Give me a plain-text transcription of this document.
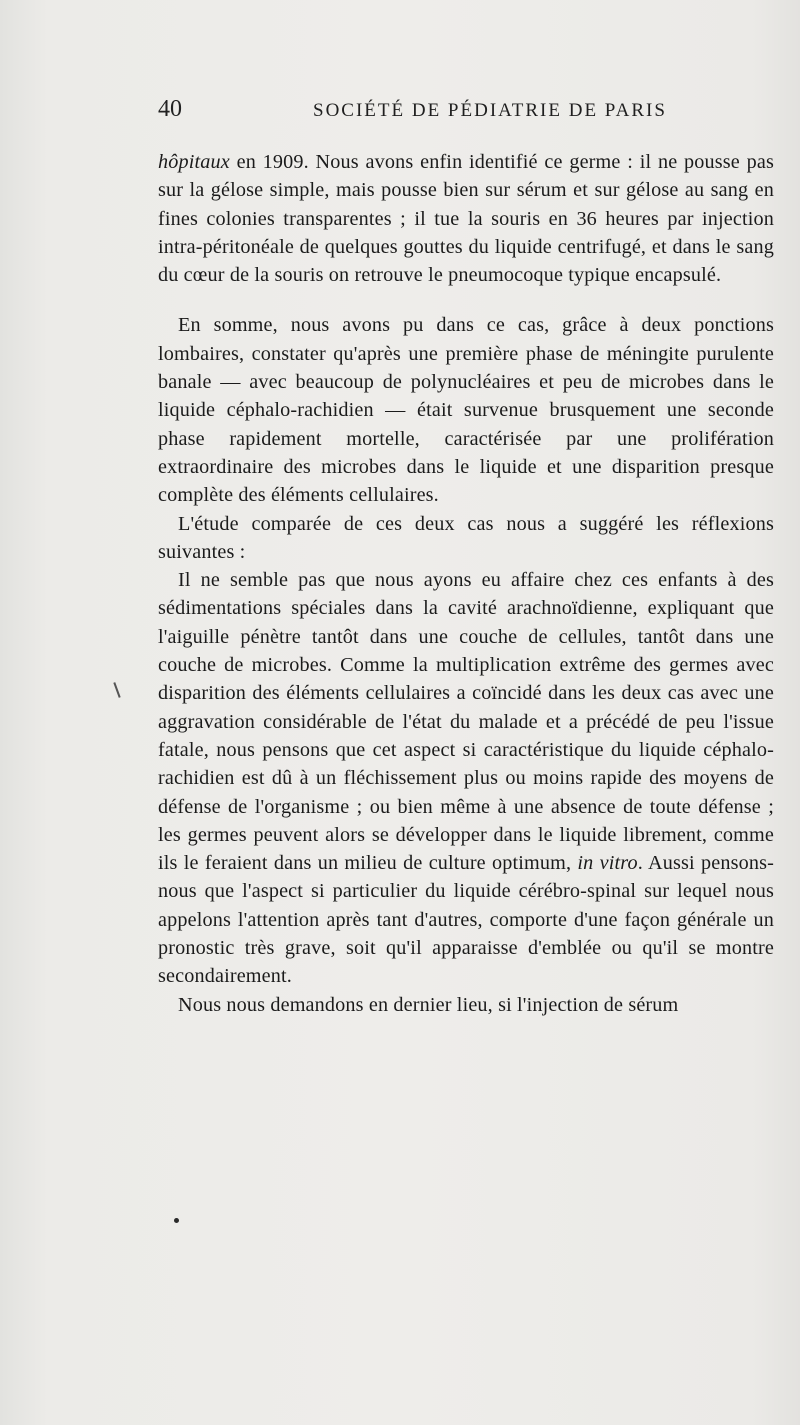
40	SOCIÉTÉ DE PÉDIATRIE DE PARIS

hôpitaux en 1909. Nous avons enfin identifié ce germe : il ne pousse pas sur la gélose simple, mais pousse bien sur sérum et sur gélose au sang en fines colonies transparentes ; il tue la souris en 36 heures par injection intra-péritonéale de quelques gouttes du liquide centrifugé, et dans le sang du cœur de la souris on retrouve le pneumocoque typique encapsulé.

En somme, nous avons pu dans ce cas, grâce à deux ponctions lombaires, constater qu'après une première phase de méningite purulente banale — avec beaucoup de polynucléaires et peu de microbes dans le liquide céphalo-rachidien — était survenue brusquement une seconde phase rapidement mortelle, caractérisée par une prolifération extraordinaire des microbes dans le liquide et une disparition presque complète des éléments cellulaires.

L'étude comparée de ces deux cas nous a suggéré les réflexions suivantes :

Il ne semble pas que nous ayons eu affaire chez ces enfants à des sédimentations spéciales dans la cavité arachnoïdienne, expliquant que l'aiguille pénètre tantôt dans une couche de cellules, tantôt dans une couche de microbes. Comme la multiplication extrême des germes avec disparition des éléments cellulaires a coïncidé dans les deux cas avec une aggravation considérable de l'état du malade et a précédé de peu l'issue fatale, nous pensons que cet aspect si caractéristique du liquide céphalo-rachidien est dû à un fléchissement plus ou moins rapide des moyens de défense de l'organisme ; ou bien même à une absence de toute défense ; les germes peuvent alors se développer dans le liquide librement, comme ils le feraient dans un milieu de culture optimum, in vitro. Aussi pensons-nous que l'aspect si particulier du liquide cérébro-spinal sur lequel nous appelons l'attention après tant d'autres, comporte d'une façon générale un pronostic très grave, soit qu'il apparaisse d'emblée ou qu'il se montre secondairement.

Nous nous demandons en dernier lieu, si l'injection de sérum
